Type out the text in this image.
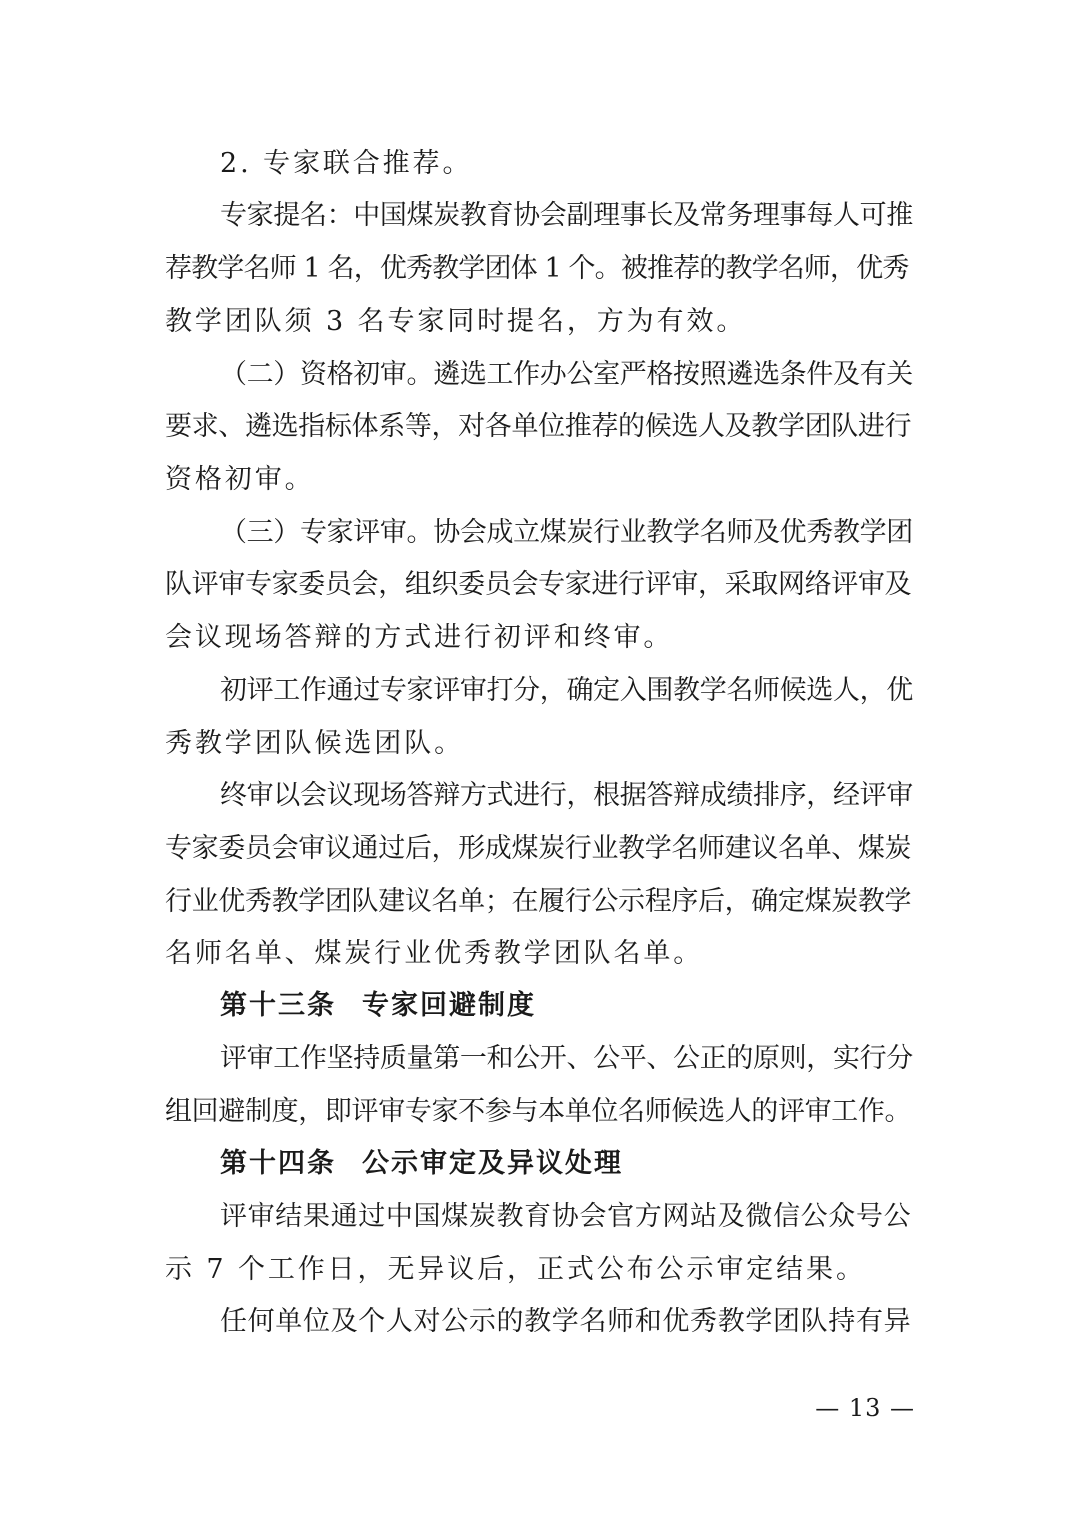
2. 专家联合推荐。
专家提名：中国煤炭教育协会副理事长及常务理事每人可推
荐教学名师 1 名，优秀教学团体 1 个。被推荐的教学名师，优秀
教学团队须 3 名专家同时提名，方为有效。
（二）资格初审。遴选工作办公室严格按照遴选条件及有关
要求、遴选指标体系等，对各单位推荐的候选人及教学团队进行
资格初审。
（三）专家评审。协会成立煤炭行业教学名师及优秀教学团
队评审专家委员会，组织委员会专家进行评审，采取网络评审及
会议现场答辩的方式进行初评和终审。
初评工作通过专家评审打分，确定入围教学名师候选人，优
秀教学团队候选团队。
终审以会议现场答辩方式进行，根据答辩成绩排序，经评审
专家委员会审议通过后，形成煤炭行业教学名师建议名单、煤炭
行业优秀教学团队建议名单；在履行公示程序后，确定煤炭教学
名师名单、煤炭行业优秀教学团队名单。
第十三条 专家回避制度
评审工作坚持质量第一和公开、公平、公正的原则，实行分
组回避制度，即评审专家不参与本单位名师候选人的评审工作。
第十四条 公示审定及异议处理
评审结果通过中国煤炭教育协会官方网站及微信公众号公
示 7 个工作日，无异议后，正式公布公示审定结果。
任何单位及个人对公示的教学名师和优秀教学团队持有异
— 13 —
